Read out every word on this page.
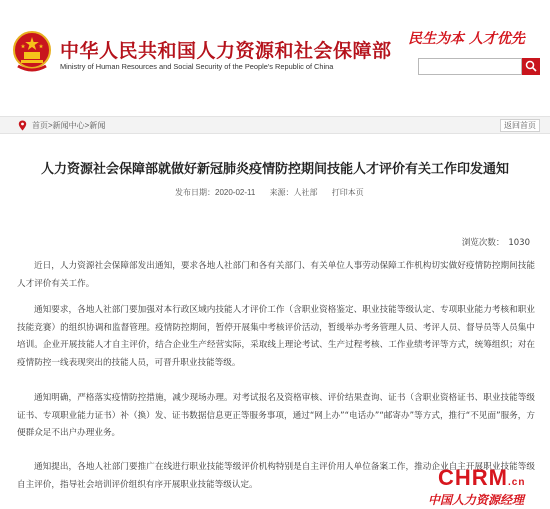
中华人民共和国人力资源和社会保障部
Ministry of Human Resources and Social Security of the People's Republic of China
民生为本 人才优先
首页>新闻中心>新闻	返回首页
人力资源社会保障部就做好新冠肺炎疫情防控期间技能人才评价有关工作印发通知
发布日期：2020-02-11 来源：人社部 打印本页
浏览次数： 1030

近日，人力资源社会保障部发出通知，要求各地人社部门和各有关部门、有关单位人事劳动保障工作机构切实做好疫情防控期间技能人才评价有关工作。

通知要求，各地人社部门要加强对本行政区域内技能人才评价工作（含职业资格鉴定、职业技能等级认定、专项职业能力考核和职业技能竞赛）的组织协调和监督管理。疫情防控期间，暂停开展集中考核评价活动，暂缓举办考务管理人员、考评人员、督导员等人员集中培训。企业开展技能人才自主评价，结合企业生产经营实际，采取线上理论考试、生产过程考核、工作业绩考评等方式，统筹组织；对在疫情防控一线表现突出的技能人员，可晋升职业技能等级。

通知明确，严格落实疫情防控措施，减少现场办理。对考试报名及资格审核、评价结果查询、证书（含职业资格证书、职业技能等级证书、专项职业能力证书）补（换）发、证书数据信息更正等服务事项，通过“网上办”“电话办”“邮寄办”等方式，推行“不见面”服务，方便群众足不出户办理业务。

通知提出，各地人社部门要推广在线进行职业技能等级评价机构特别是自主评价用人单位备案工作，推动企业自主开展职业技能等级自主评价，指导社会培训评价组织有序开展职业技能等级认定。	CHRM.cn
中国人力资源经理
